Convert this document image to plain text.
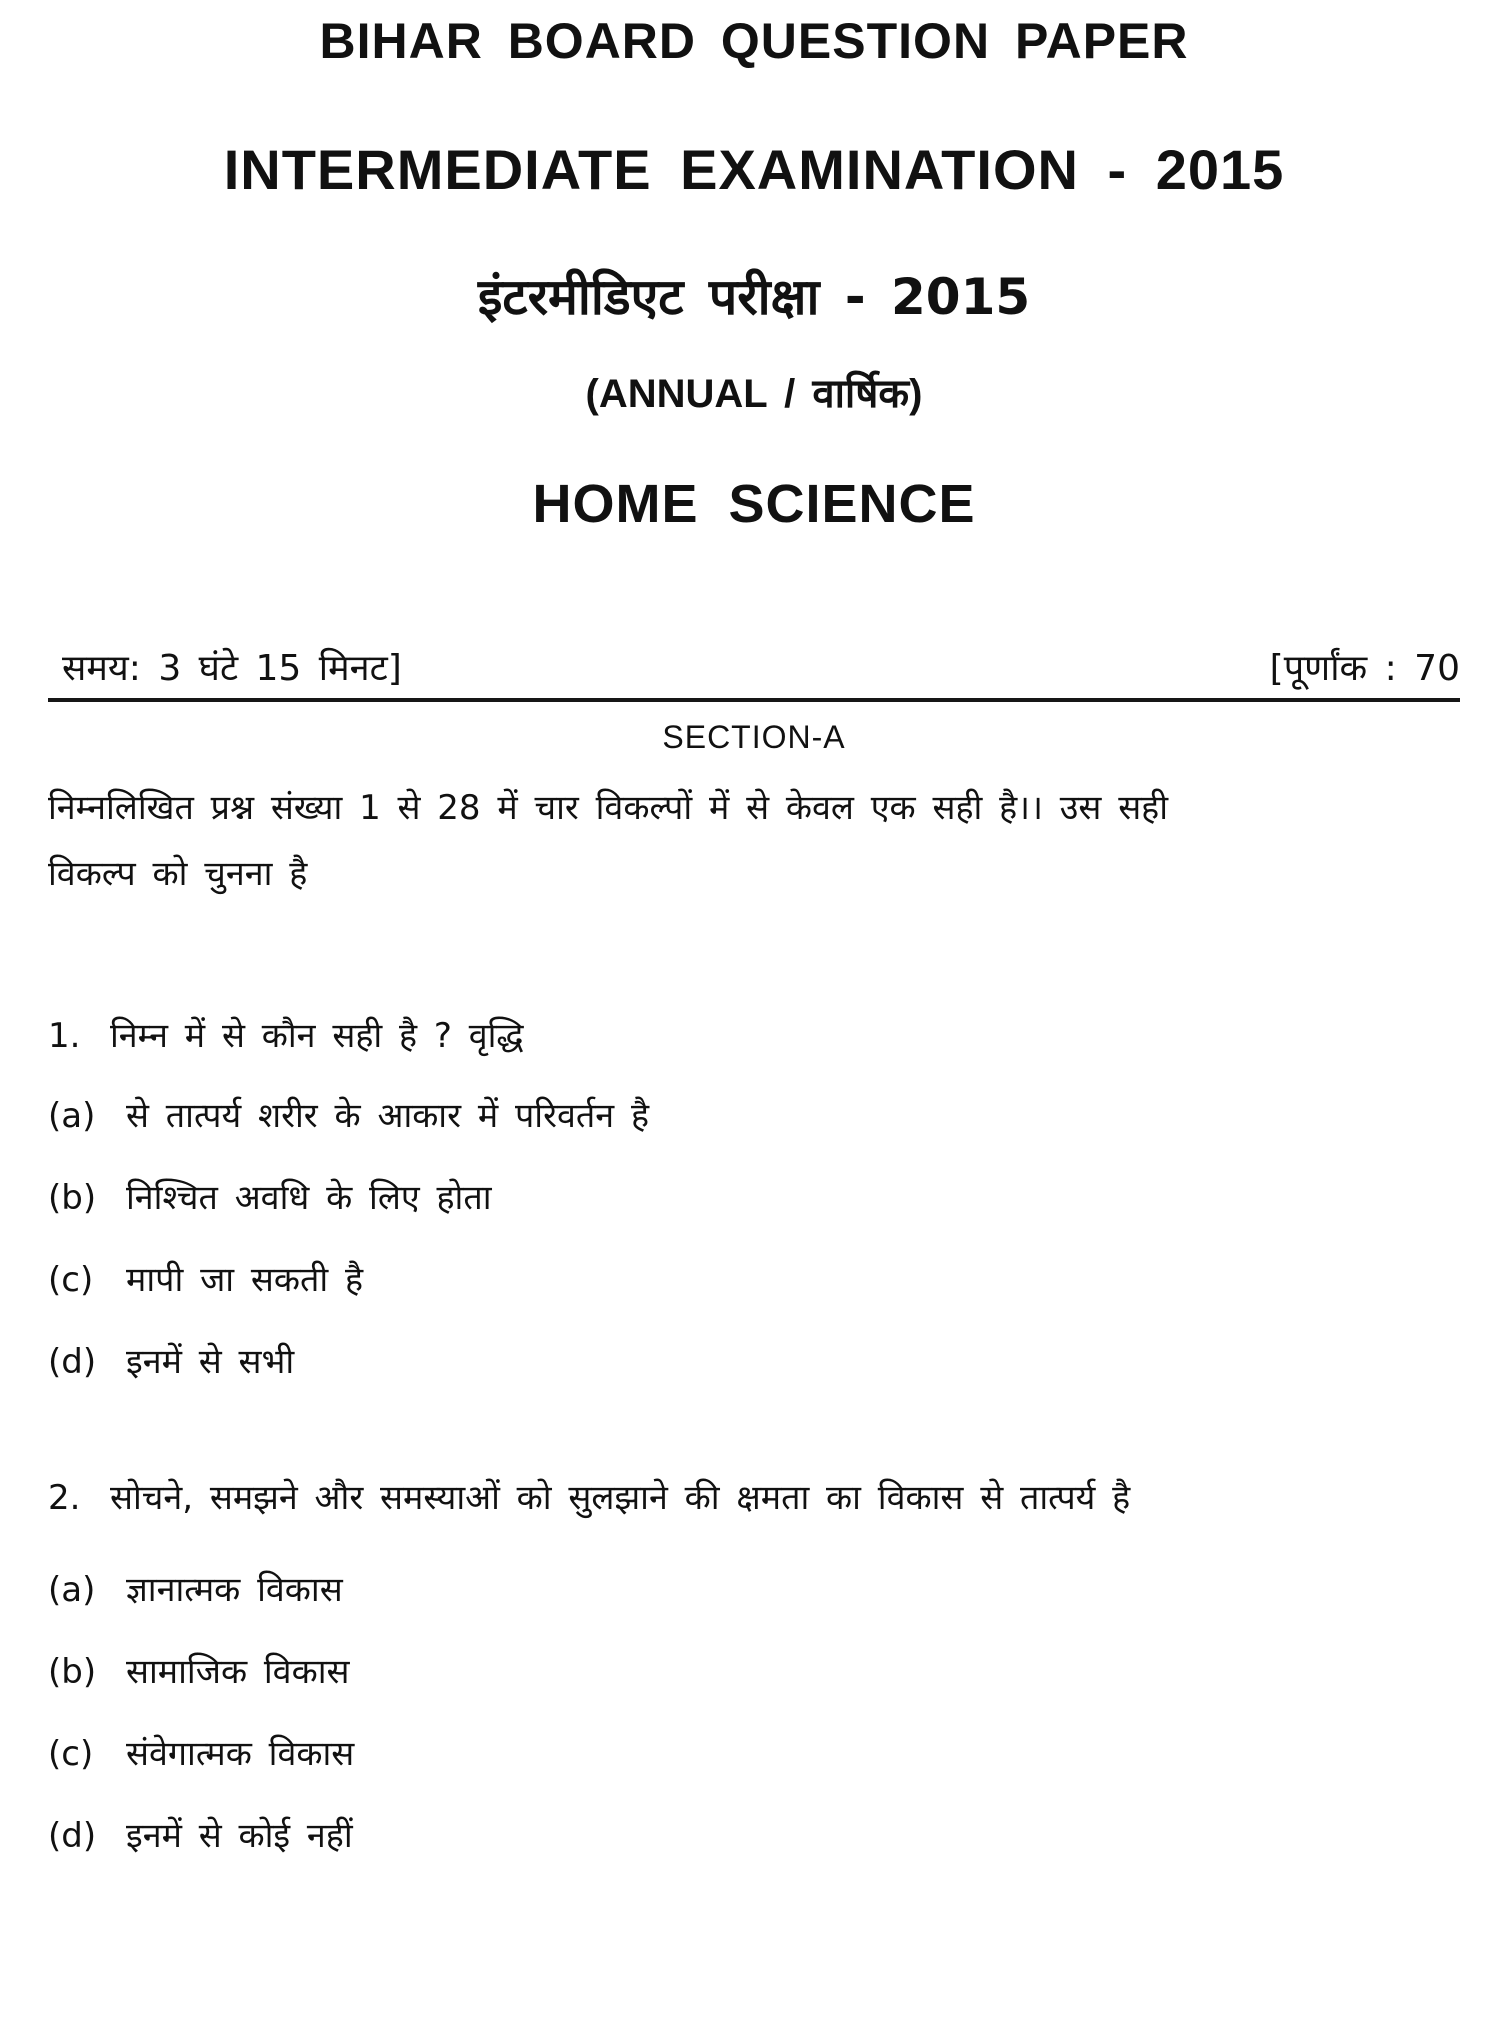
BIHAR BOARD QUESTION PAPER
INTERMEDIATE EXAMINATION - 2015
इंटरमीडिएट परीक्षा - 2015
(ANNUAL / वार्षिक)
HOME SCIENCE
समय: 3 घंटे 15 मिनट]	[पूर्णांक : 70
SECTION-A
निम्नलिखित प्रश्न संख्या 1 से 28 में चार विकल्पों में से केवल एक सही है।। उस सही
विकल्प को चुनना है
1. निम्न में से कौन सही है ? वृद्धि
(a) से तात्पर्य शरीर के आकार में परिवर्तन है
(b) निश्चित अवधि के लिए होता
(c) मापी जा सकती है
(d) इनमें से सभी
2. सोचने, समझने और समस्याओं को सुलझाने की क्षमता का विकास से तात्पर्य है
(a) ज्ञानात्मक विकास
(b) सामाजिक विकास
(c) संवेगात्मक विकास
(d) इनमें से कोई नहीं
